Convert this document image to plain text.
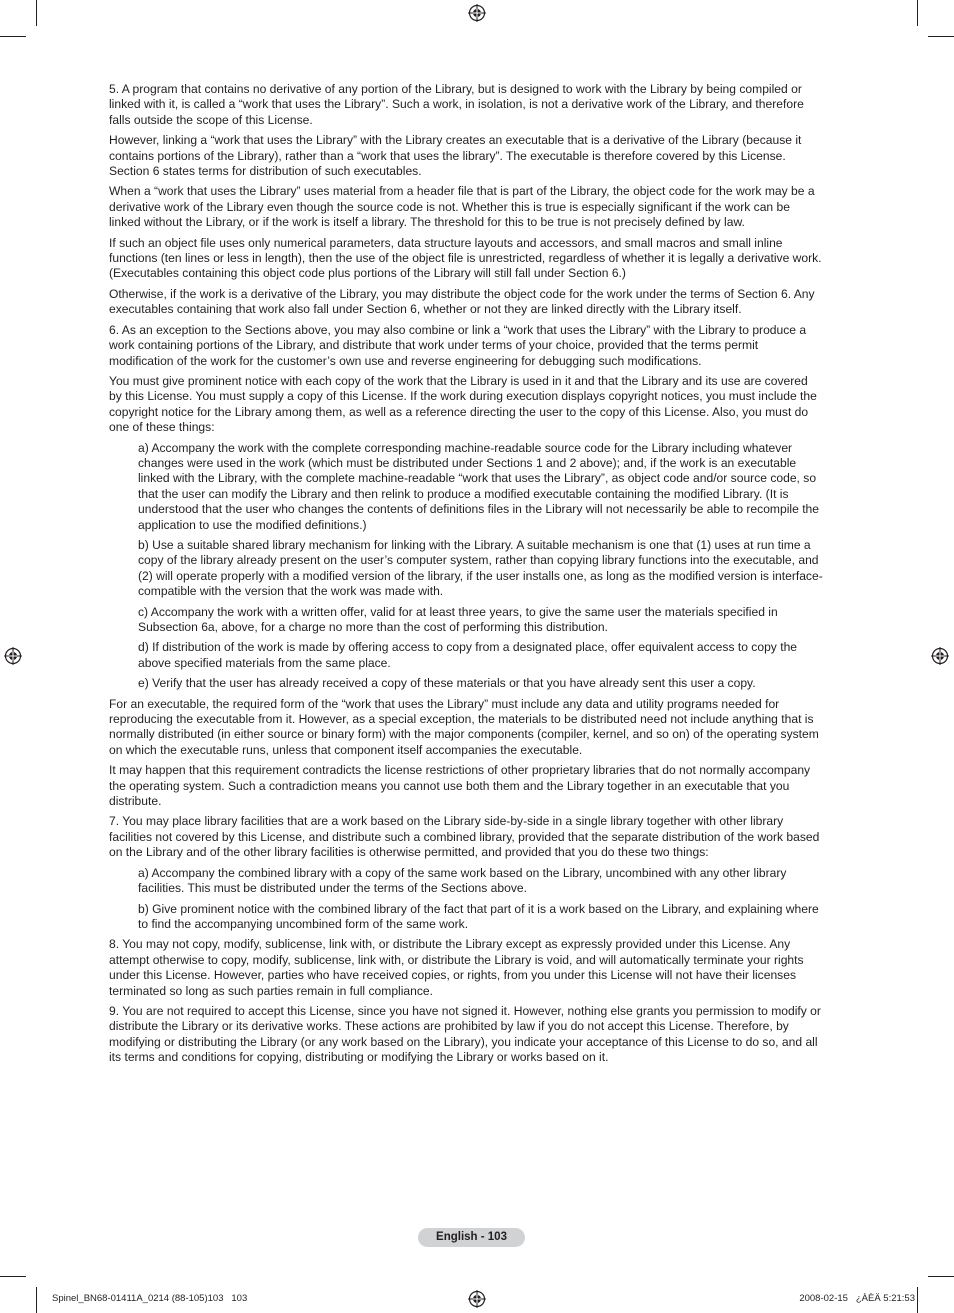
5. A program that contains no derivative of any portion of the Library, but is designed to work with the Library by being compiled or linked with it, is called a “work that uses the Library”. Such a work, in isolation, is not a derivative work of the Library, and therefore falls outside the scope of this License.

However, linking a “work that uses the Library” with the Library creates an executable that is a derivative of the Library (because it contains portions of the Library), rather than a “work that uses the library”. The executable is therefore covered by this License. Section 6 states terms for distribution of such executables.

When a “work that uses the Library” uses material from a header file that is part of the Library, the object code for the work may be a derivative work of the Library even though the source code is not. Whether this is true is especially significant if the work can be linked without the Library, or if the work is itself a library. The threshold for this to be true is not precisely defined by law.

If such an object file uses only numerical parameters, data structure layouts and accessors, and small macros and small inline functions (ten lines or less in length), then the use of the object file is unrestricted, regardless of whether it is legally a derivative work. (Executables containing this object code plus portions of the Library will still fall under Section 6.)

Otherwise, if the work is a derivative of the Library, you may distribute the object code for the work under the terms of Section 6. Any executables containing that work also fall under Section 6, whether or not they are linked directly with the Library itself.

6. As an exception to the Sections above, you may also combine or link a “work that uses the Library” with the Library to produce a work containing portions of the Library, and distribute that work under terms of your choice, provided that the terms permit modification of the work for the customer’s own use and reverse engineering for debugging such modifications.

You must give prominent notice with each copy of the work that the Library is used in it and that the Library and its use are covered by this License. You must supply a copy of this License. If the work during execution displays copyright notices, you must include the copyright notice for the Library among them, as well as a reference directing the user to the copy of this License. Also, you must do one of these things:

a) Accompany the work with the complete corresponding machine-readable source code for the Library including whatever changes were used in the work (which must be distributed under Sections 1 and 2 above); and, if the work is an executable linked with the Library, with the complete machine-readable “work that uses the Library”, as object code and/or source code, so that the user can modify the Library and then relink to produce a modified executable containing the modified Library. (It is understood that the user who changes the contents of definitions files in the Library will not necessarily be able to recompile the application to use the modified definitions.)

b) Use a suitable shared library mechanism for linking with the Library. A suitable mechanism is one that (1) uses at run time a copy of the library already present on the user’s computer system, rather than copying library functions into the executable, and (2) will operate properly with a modified version of the library, if the user installs one, as long as the modified version is interface-compatible with the version that the work was made with.

c) Accompany the work with a written offer, valid for at least three years, to give the same user the materials specified in Subsection 6a, above, for a charge no more than the cost of performing this distribution.

d) If distribution of the work is made by offering access to copy from a designated place, offer equivalent access to copy the above specified materials from the same place.

e) Verify that the user has already received a copy of these materials or that you have already sent this user a copy.

For an executable, the required form of the “work that uses the Library” must include any data and utility programs needed for reproducing the executable from it. However, as a special exception, the materials to be distributed need not include anything that is normally distributed (in either source or binary form) with the major components (compiler, kernel, and so on) of the operating system on which the executable runs, unless that component itself accompanies the executable.

It may happen that this requirement contradicts the license restrictions of other proprietary libraries that do not normally accompany the operating system. Such a contradiction means you cannot use both them and the Library together in an executable that you distribute.

7. You may place library facilities that are a work based on the Library side-by-side in a single library together with other library facilities not covered by this License, and distribute such a combined library, provided that the separate distribution of the work based on the Library and of the other library facilities is otherwise permitted, and provided that you do these two things:

a) Accompany the combined library with a copy of the same work based on the Library, uncombined with any other library facilities. This must be distributed under the terms of the Sections above.

b) Give prominent notice with the combined library of the fact that part of it is a work based on the Library, and explaining where to find the accompanying uncombined form of the same work.

8. You may not copy, modify, sublicense, link with, or distribute the Library except as expressly provided under this License. Any attempt otherwise to copy, modify, sublicense, link with, or distribute the Library is void, and will automatically terminate your rights under this License. However, parties who have received copies, or rights, from you under this License will not have their licenses terminated so long as such parties remain in full compliance.

9. You are not required to accept this License, since you have not signed it. However, nothing else grants you permission to modify or distribute the Library or its derivative works. These actions are prohibited by law if you do not accept this License. Therefore, by modifying or distributing the Library (or any work based on the Library), you indicate your acceptance of this License to do so, and all its terms and conditions for copying, distributing or modifying the Library or works based on it.

English - 103
Spinel_BN68-01411A_0214 (88-105)103   103	2008-02-15   ¿ÀÈÄ 5:21:53
